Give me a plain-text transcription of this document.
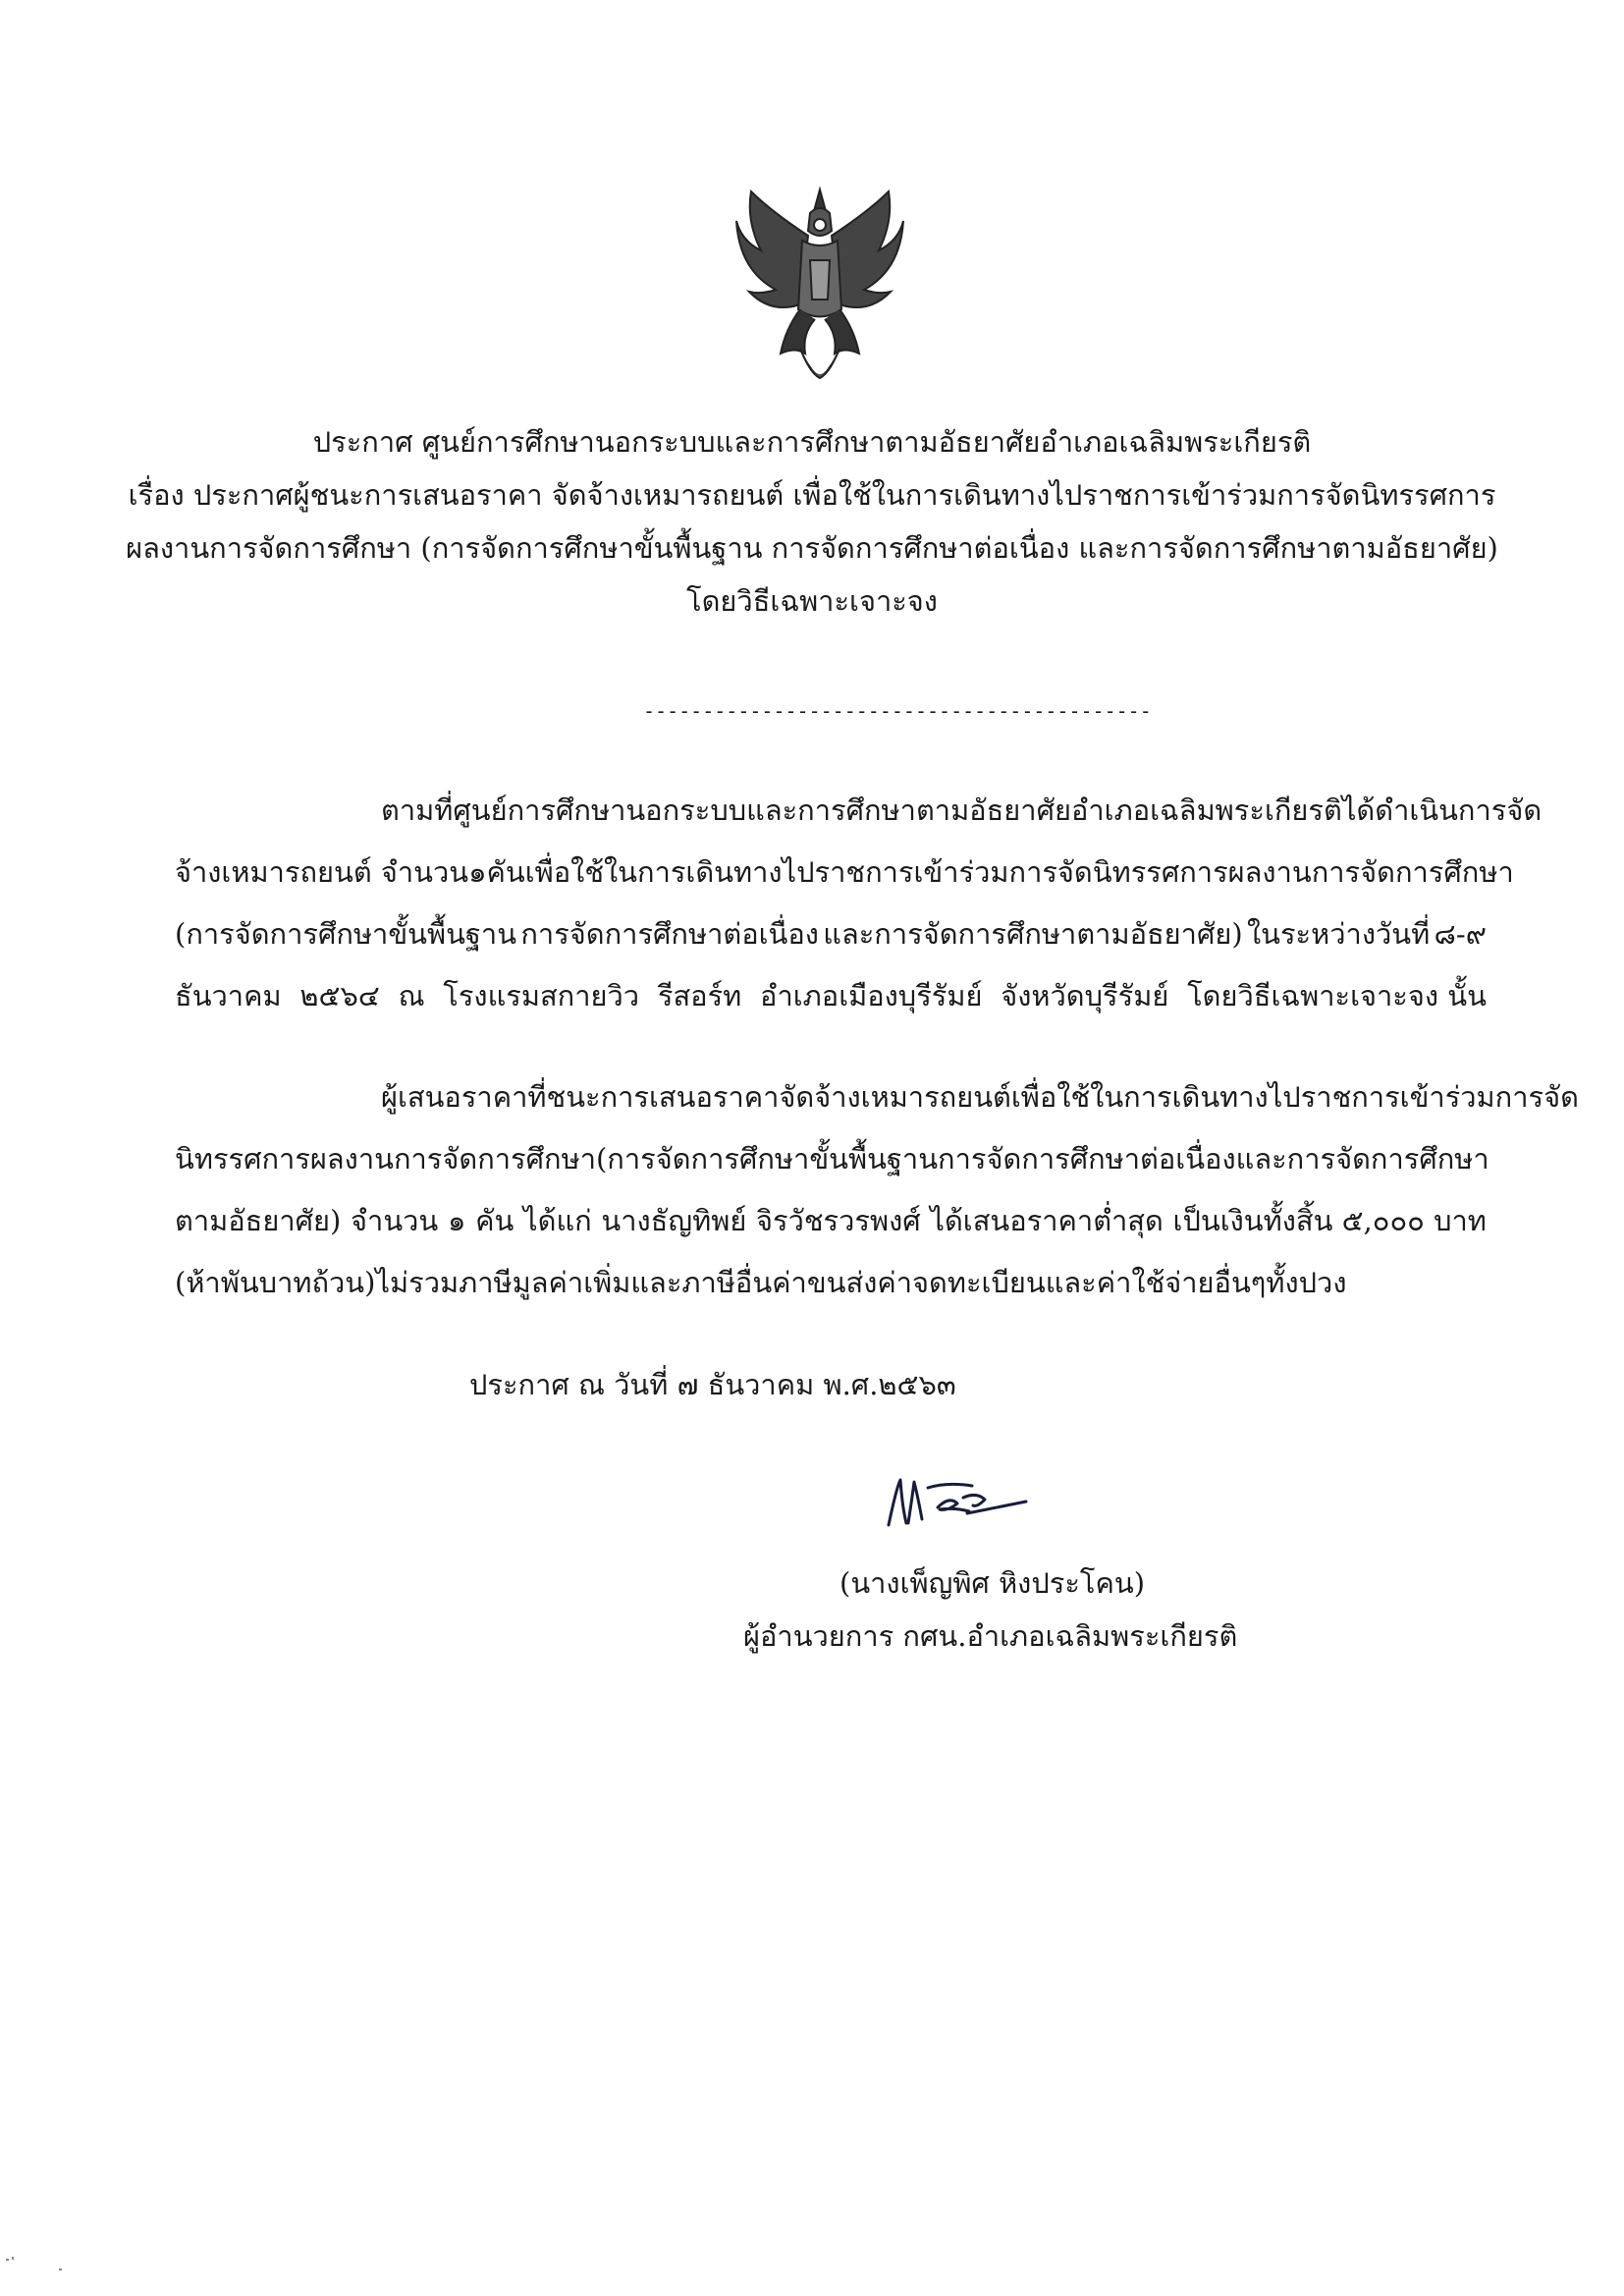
ประกาศ ศูนย์การศึกษานอกระบบและการศึกษาตามอัธยาศัยอำเภอเฉลิมพระเกียรติ
เรื่อง ประกาศผู้ชนะการเสนอราคา จัดจ้างเหมารถยนต์ เพื่อใช้ในการเดินทางไปราชการเข้าร่วมการจัดนิทรรศการ
ผลงานการจัดการศึกษา (การจัดการศึกษาขั้นพื้นฐาน การจัดการศึกษาต่อเนื่อง และการจัดการศึกษาตามอัธยาศัย)
โดยวิธีเฉพาะเจาะจง
-------------------------------------------
ตามที่ศูนย์การศึกษานอกระบบและการศึกษาตามอัธยาศัยอำเภอเฉลิมพระเกียรติ ได้ดำเนินการจัด
จ้างเหมารถยนต์ จำนวน ๑ คัน เพื่อใช้ในการเดินทางไปราชการเข้าร่วมการจัดนิทรรศการผลงานการจัดการศึกษา
(การจัดการศึกษาขั้นพื้นฐาน การจัดการศึกษาต่อเนื่อง และการจัดการศึกษาตามอัธยาศัย) ในระหว่างวันที่ ๘-๙
ธันวาคม ๒๕๖๔ ณ โรงแรมสกายวิว รีสอร์ท อำเภอเมืองบุรีรัมย์ จังหวัดบุรีรัมย์ โดยวิธีเฉพาะเจาะจง นั้น
ผู้เสนอราคาที่ชนะการเสนอราคาจัดจ้างเหมารถยนต์ เพื่อใช้ในการเดินทางไปราชการเข้าร่วมการจัด
นิทรรศการผลงานการจัดการศึกษา (การจัดการศึกษาขั้นพื้นฐาน การจัดการศึกษาต่อเนื่อง และการจัดการศึกษา
ตามอัธยาศัย) จำนวน ๑ คัน ได้แก่ นางธัญทิพย์ จิรวัชรวรพงศ์ ได้เสนอราคาต่ำสุด เป็นเงินทั้งสิ้น ๕,๐๐๐ บาท
(ห้าพันบาทถ้วน) ไม่รวมภาษีมูลค่าเพิ่มและภาษีอื่นค่าขนส่ง ค่าจดทะเบียน และค่าใช้จ่ายอื่นๆ ทั้งปวง
ประกาศ ณ วันที่ ๗ ธันวาคม พ.ศ.๒๕๖๓
(นางเพ็ญพิศ หิงประโคน)
ผู้อำนวยการ กศน.อำเภอเฉลิมพระเกียรติ
